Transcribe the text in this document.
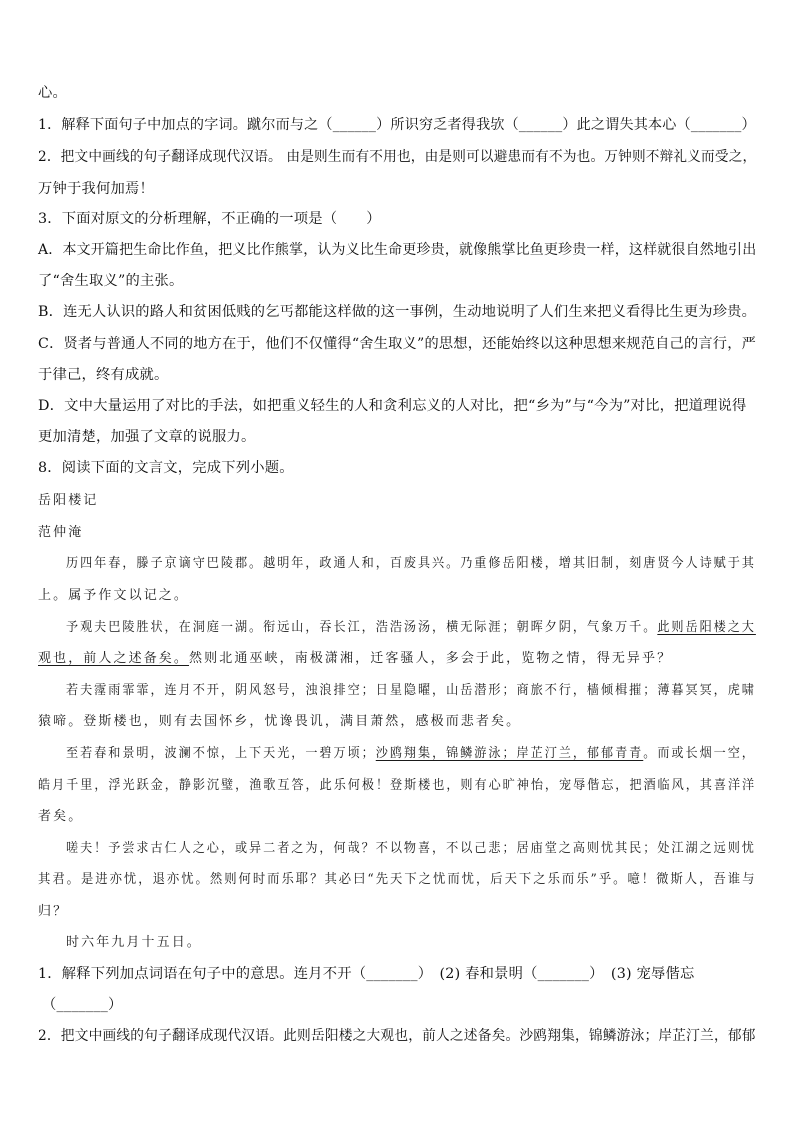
心。
1．解释下面句子中加点的字词。蹴尔而与之（______）所识穷乏者得我欤（______）此之谓失其本心（_______）
2．把文中画线的句子翻译成现代汉语。 由是则生而有不用也，由是则可以避患而有不为也。万钟则不辩礼义而受之，
万钟于我何加焉！
3．下面对原文的分析理解，不正确的一项是（　　）
A．本文开篇把生命比作鱼，把义比作熊掌，认为义比生命更珍贵，就像熊掌比鱼更珍贵一样，这样就很自然地引出
了“舍生取义”的主张。
B．连无人认识的路人和贫困低贱的乞丐都能这样做的这一事例，生动地说明了人们生来把义看得比生更为珍贵。
C．贤者与普通人不同的地方在于，他们不仅懂得“舍生取义”的思想，还能始终以这种思想来规范自己的言行，严
于律己，终有成就。
D．文中大量运用了对比的手法，如把重义轻生的人和贪利忘义的人对比，把“乡为”与“今为”对比，把道理说得
更加清楚，加强了文章的说服力。
8．阅读下面的文言文，完成下列小题。
岳阳楼记
范仲淹
历四年春，滕子京谪守巴陵郡。越明年，政通人和，百废具兴。乃重修岳阳楼，增其旧制，刻唐贤今人诗赋于其
上。属予作文以记之。
予观夫巴陵胜状，在洞庭一湖。衔远山，吞长江，浩浩汤汤，横无际涯；朝晖夕阴，气象万千。此则岳阳楼之大
观也，前人之述备矣。然则北通巫峡，南极潇湘，迁客骚人，多会于此，览物之情，得无异乎？
若夫霪雨霏霏，连月不开，阴风怒号，浊浪排空；日星隐曜，山岳潜形；商旅不行，樯倾楫摧；薄暮冥冥，虎啸
猿啼。登斯楼也，则有去国怀乡，忧谗畏讥，满目萧然，感极而悲者矣。
至若春和景明，波澜不惊，上下天光，一碧万顷；沙鸥翔集，锦鳞游泳；岸芷汀兰，郁郁青青。而或长烟一空，
皓月千里，浮光跃金，静影沉璧，渔歌互答，此乐何极！登斯楼也，则有心旷神怡，宠辱偕忘，把酒临风，其喜洋洋
者矣。
嗟夫！予尝求古仁人之心，或异二者之为，何哉？不以物喜，不以己悲；居庙堂之高则忧其民；处江湖之远则忧
其君。是进亦忧，退亦忧。然则何时而乐耶？其必曰“先天下之忧而忧，后天下之乐而乐”乎。噫！微斯人，吾谁与
归？
时六年九月十五日。
1．解释下列加点词语在句子中的意思。连月不开（_______）　(2) 春和景明（_______）　(3) 宠辱偕忘
（_______）
2．把文中画线的句子翻译成现代汉语。此则岳阳楼之大观也，前人之述备矣。沙鸥翔集，锦鳞游泳；岸芷汀兰，郁郁
